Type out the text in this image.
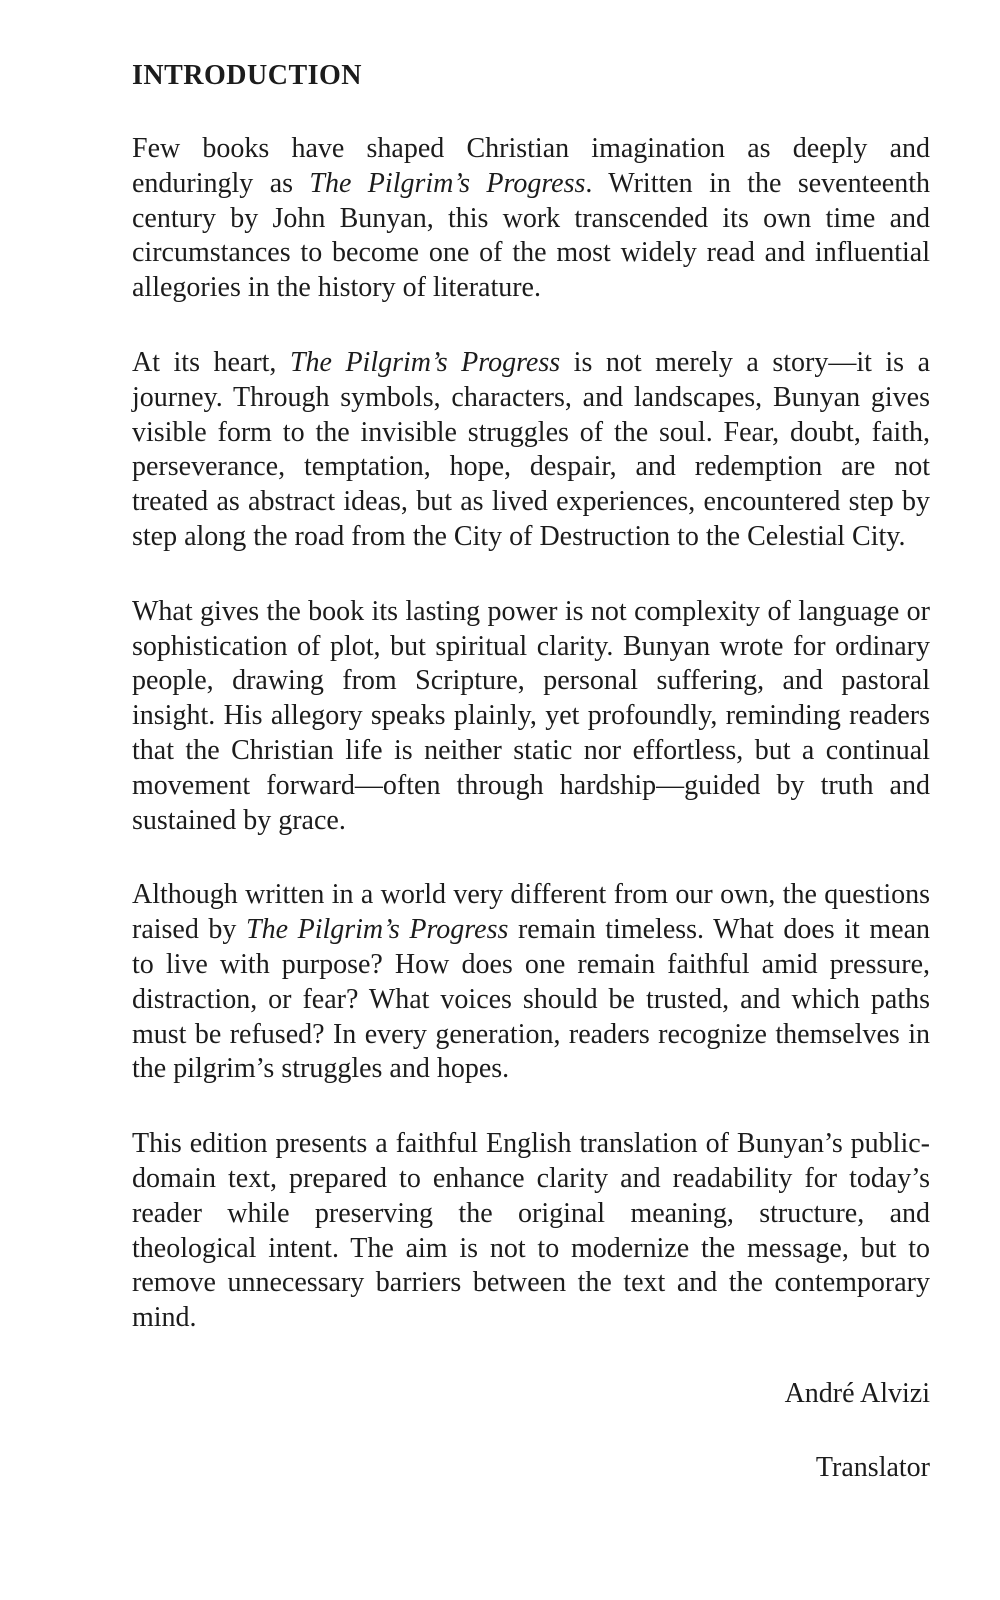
INTRODUCTION

Few books have shaped Christian imagination as deeply and enduringly as The Pilgrim’s Progress. Written in the seventeenth century by John Bunyan, this work transcended its own time and circumstances to become one of the most widely read and influential allegories in the history of literature.

At its heart, The Pilgrim’s Progress is not merely a story—it is a journey. Through symbols, characters, and landscapes, Bunyan gives visible form to the invisible struggles of the soul. Fear, doubt, faith, perseverance, temptation, hope, despair, and redemption are not treated as abstract ideas, but as lived experiences, encountered step by step along the road from the City of Destruction to the Celestial City.

What gives the book its lasting power is not complexity of language or sophistication of plot, but spiritual clarity. Bunyan wrote for ordinary people, drawing from Scripture, personal suffering, and pastoral insight. His allegory speaks plainly, yet profoundly, reminding readers that the Christian life is neither static nor effortless, but a continual movement forward—often through hardship—guided by truth and sustained by grace.

Although written in a world very different from our own, the questions raised by The Pilgrim’s Progress remain timeless. What does it mean to live with purpose? How does one remain faithful amid pressure, distraction, or fear? What voices should be trusted, and which paths must be refused? In every generation, readers recognize themselves in the pilgrim’s struggles and hopes.

This edition presents a faithful English translation of Bunyan’s public-domain text, prepared to enhance clarity and readability for today’s reader while preserving the original meaning, structure, and theological intent. The aim is not to modernize the message, but to remove unnecessary barriers between the text and the contemporary mind.

André Alvizi

Translator
